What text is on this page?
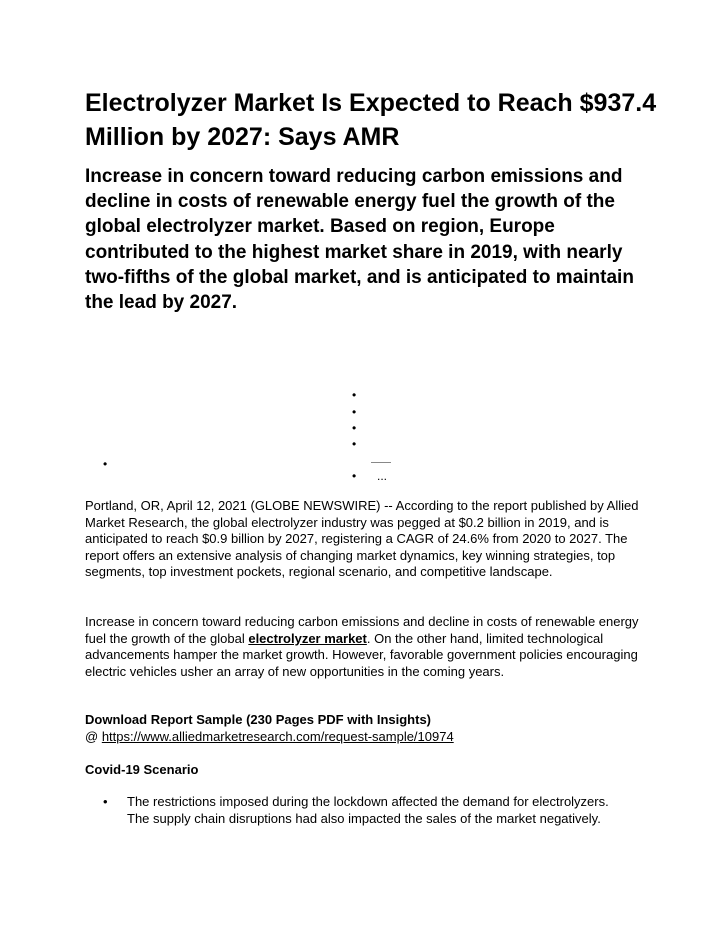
Electrolyzer Market Is Expected to Reach $937.4 Million by 2027: Says AMR
Increase in concern toward reducing carbon emissions and decline in costs of renewable energy fuel the growth of the global electrolyzer market. Based on region, Europe contributed to the highest market share in 2019, with nearly two-fifths of the global market, and is anticipated to maintain the lead by 2027.
•
•
•
•
•
• ...

Portland, OR, April 12, 2021 (GLOBE NEWSWIRE) -- According to the report published by Allied Market Research, the global electrolyzer industry was pegged at $0.2 billion in 2019, and is anticipated to reach $0.9 billion by 2027, registering a CAGR of 24.6% from 2020 to 2027. The report offers an extensive analysis of changing market dynamics, key winning strategies, top segments, top investment pockets, regional scenario, and competitive landscape.

Increase in concern toward reducing carbon emissions and decline in costs of renewable energy fuel the growth of the global electrolyzer market. On the other hand, limited technological advancements hamper the market growth. However, favorable government policies encouraging electric vehicles usher an array of new opportunities in the coming years.

Download Report Sample (230 Pages PDF with Insights)
@ https://www.alliedmarketresearch.com/request-sample/10974
Covid-19 Scenario
• The restrictions imposed during the lockdown affected the demand for electrolyzers. The supply chain disruptions had also impacted the sales of the market negatively.
